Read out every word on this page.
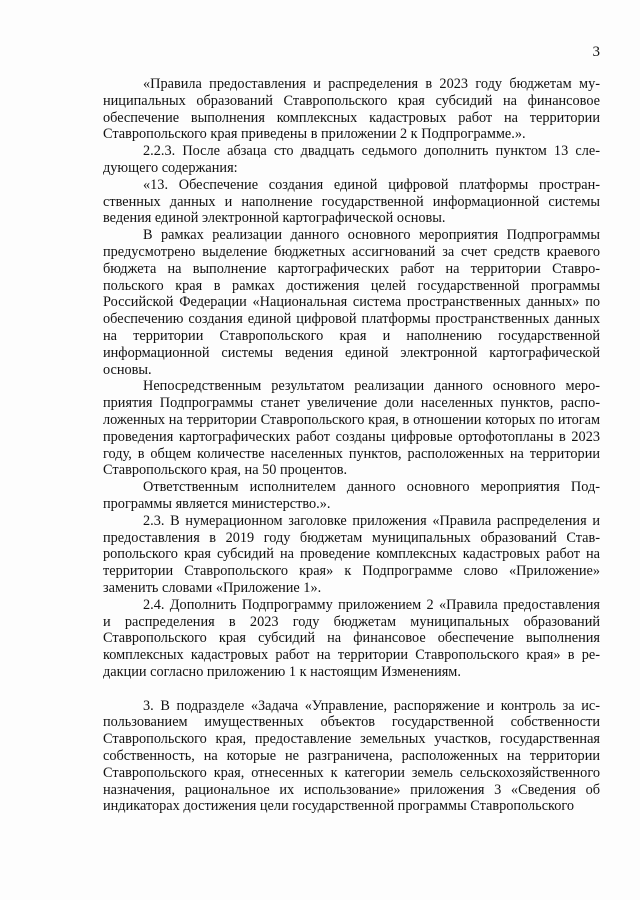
3

«Правила предоставления и распределения в 2023 году бюджетам муниципальных образований Ставропольского края субсидий на финансовое обеспечение выполнения комплексных кадастровых работ на территории Ставропольского края приведены в приложении 2 к Подпрограмме.».

2.2.3. После абзаца сто двадцать седьмого дополнить пунктом 13 следующего содержания:

«13. Обеспечение создания единой цифровой платформы пространственных данных и наполнение государственной информационной системы ведения единой электронной картографической основы.

В рамках реализации данного основного мероприятия Подпрограммы предусмотрено выделение бюджетных ассигнований за счет средств краевого бюджета на выполнение картографических работ на территории Ставропольского края в рамках достижения целей государственной программы Российской Федерации «Национальная система пространственных данных» по обеспечению создания единой цифровой платформы пространственных данных на территории Ставропольского края и наполнению государственной информационной системы ведения единой электронной картографической основы.

Непосредственным результатом реализации данного основного мероприятия Подпрограммы станет увеличение доли населенных пунктов, расположенных на территории Ставропольского края, в отношении которых по итогам проведения картографических работ созданы цифровые ортофотопланы в 2023 году, в общем количестве населенных пунктов, расположенных на территории Ставропольского края, на 50 процентов.

Ответственным исполнителем данного основного мероприятия Подпрограммы является министерство.».

2.3. В нумерационном заголовке приложения «Правила распределения и предоставления в 2019 году бюджетам муниципальных образований Ставропольского края субсидий на проведение комплексных кадастровых работ на территории Ставропольского края» к Подпрограмме слово «Приложение» заменить словами «Приложение 1».

2.4. Дополнить Подпрограмму приложением 2 «Правила предоставления и распределения в 2023 году бюджетам муниципальных образований Ставропольского края субсидий на финансовое обеспечение выполнения комплексных кадастровых работ на территории Ставропольского края» в редакции согласно приложению 1 к настоящим Изменениям.

3. В подразделе «Задача «Управление, распоряжение и контроль за использованием имущественных объектов государственной собственности Ставропольского края, предоставление земельных участков, государственная собственность, на которые не разграничена, расположенных на территории Ставропольского края, отнесенных к категории земель сельскохозяйственного назначения, рациональное их использование» приложения 3 «Сведения об индикаторах достижения цели государственной программы Ставропольского
